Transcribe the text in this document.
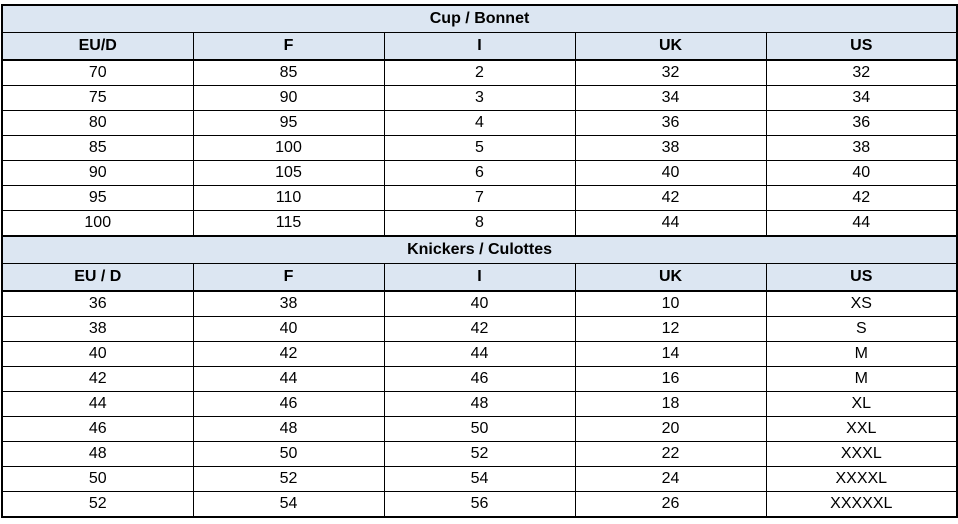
Cup / Bonnet				
EU/D	F	I	UK	US
70	85	2	32	32
75	90	3	34	34
80	95	4	36	36
85	100	5	38	38
90	105	6	40	40
95	110	7	42	42
100	115	8	44	44
Knickers / Culottes				
EU / D	F	I	UK	US
36	38	40	10	XS
38	40	42	12	S
40	42	44	14	M
42	44	46	16	M
44	46	48	18	XL
46	48	50	20	XXL
48	50	52	22	XXXL
50	52	54	24	XXXXL
52	54	56	26	XXXXXL
